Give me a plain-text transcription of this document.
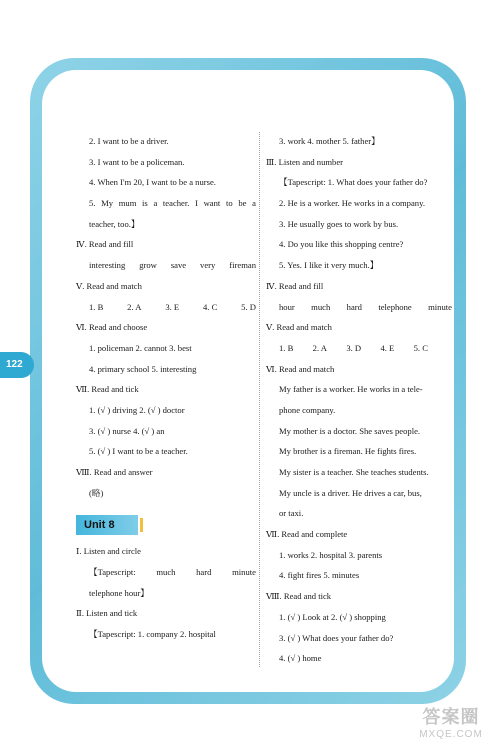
122
2. I want to be a driver.
3. I want to be a policeman.
4. When I'm 20, I want to be a nurse.
5. My mum is a teacher. I want to be a
teacher, too.】
Ⅳ. Read and fill
interesting grow save very fireman
Ⅴ. Read and match
1. B	2. A	3. E	4. C	5. D
Ⅵ. Read and choose
1. policeman 2. cannot 3. best
4. primary school 5. interesting
Ⅶ. Read and tick
1. (√ ) driving 2. (√ ) doctor
3. (√ ) nurse 4. (√ ) an
5. (√ ) I want to be a teacher.
Ⅷ. Read and answer
(略)
Unit 8
Ⅰ. Listen and circle
【Tapescript: much hard minute
telephone hour】
Ⅱ. Listen and tick
【Tapescript: 1. company 2. hospital
3. work 4. mother 5. father】
Ⅲ. Listen and number
【Tapescript: 1. What does your father do?
2. He is a worker. He works in a company.
3. He usually goes to work by bus.
4. Do you like this shopping centre?
5. Yes. I like it very much.】
Ⅳ. Read and fill
hour much hard telephone minute
Ⅴ. Read and match
1. B 2. A 3. D 4. E 5. C
Ⅵ. Read and match
My father is a worker. He works in a tele-
phone company.
My mother is a doctor. She saves people.
My brother is a fireman. He fights fires.
My sister is a teacher. She teaches students.
My uncle is a driver. He drives a car, bus,
or taxi.
Ⅶ. Read and complete
1. works 2. hospital 3. parents
4. fight fires 5. minutes
Ⅷ. Read and tick
1. (√ ) Look at 2. (√ ) shopping
3. (√ ) What does your father do?
4. (√ ) home
答案圈
MXQE.COM
